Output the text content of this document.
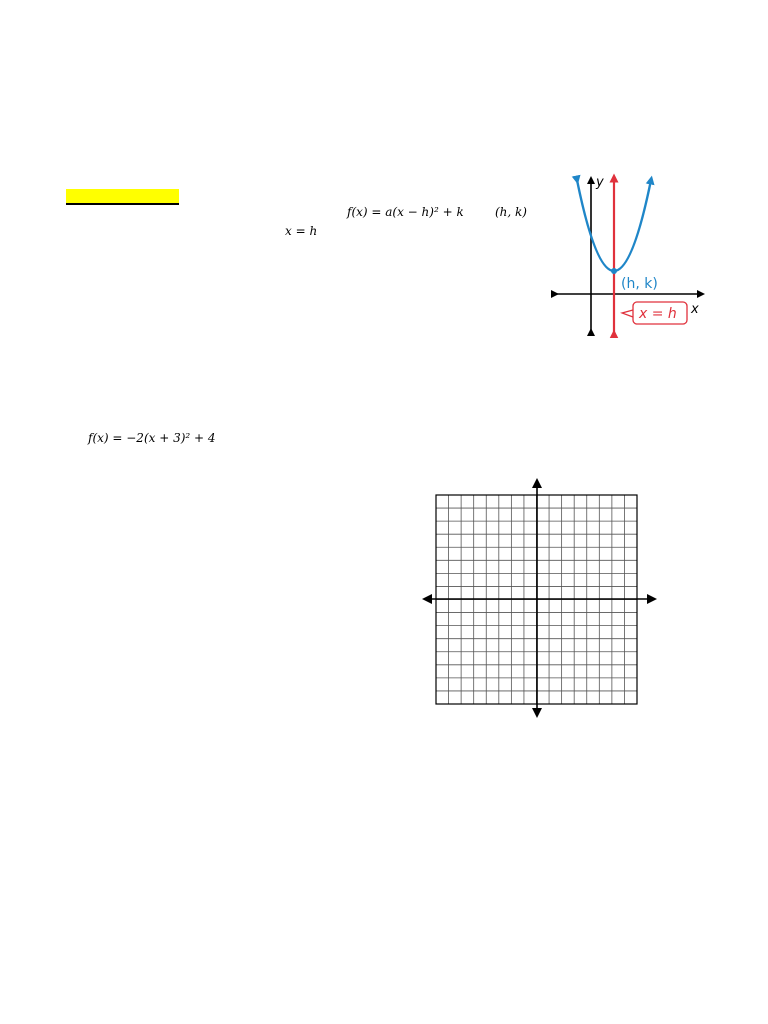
f(x) = a(x − h)² + k	(h, k)
x = h
f(x) = −2(x + 3)² + 4
y
x
(h, k)
x = h
